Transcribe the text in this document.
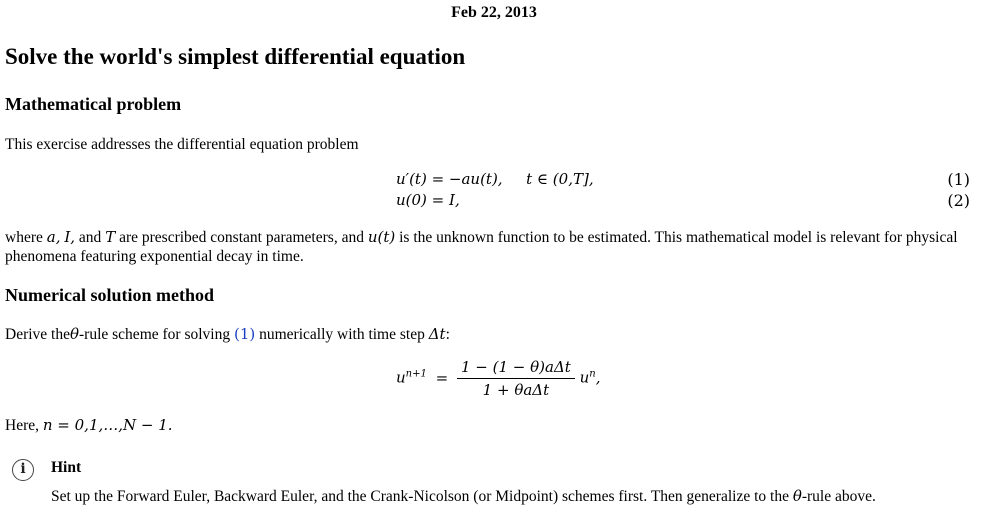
Feb 22, 2013
Solve the world's simplest differential equation
Mathematical problem
This exercise addresses the differential equation problem
u′(t) = −au(t), t ∈ (0,T],	(1)
u(0) = I,	(2)
where a, I, and T are prescribed constant parameters, and u(t) is the unknown function to be estimated. This mathematical model is relevant for physical
phenomena featuring exponential decay in time.
Numerical solution method
Derive theθ-rule scheme for solving (1) numerically with time step Δt:
$u^{n+1} = \frac{\text{1 − (1 − θ)aΔt}}{\text{1 + θaΔt}} u^n$,
Here, n = 0,1,…,N − 1.
i	Hint
Set up the Forward Euler, Backward Euler, and the Crank-Nicolson (or Midpoint) schemes first. Then generalize to the θ-rule above.
